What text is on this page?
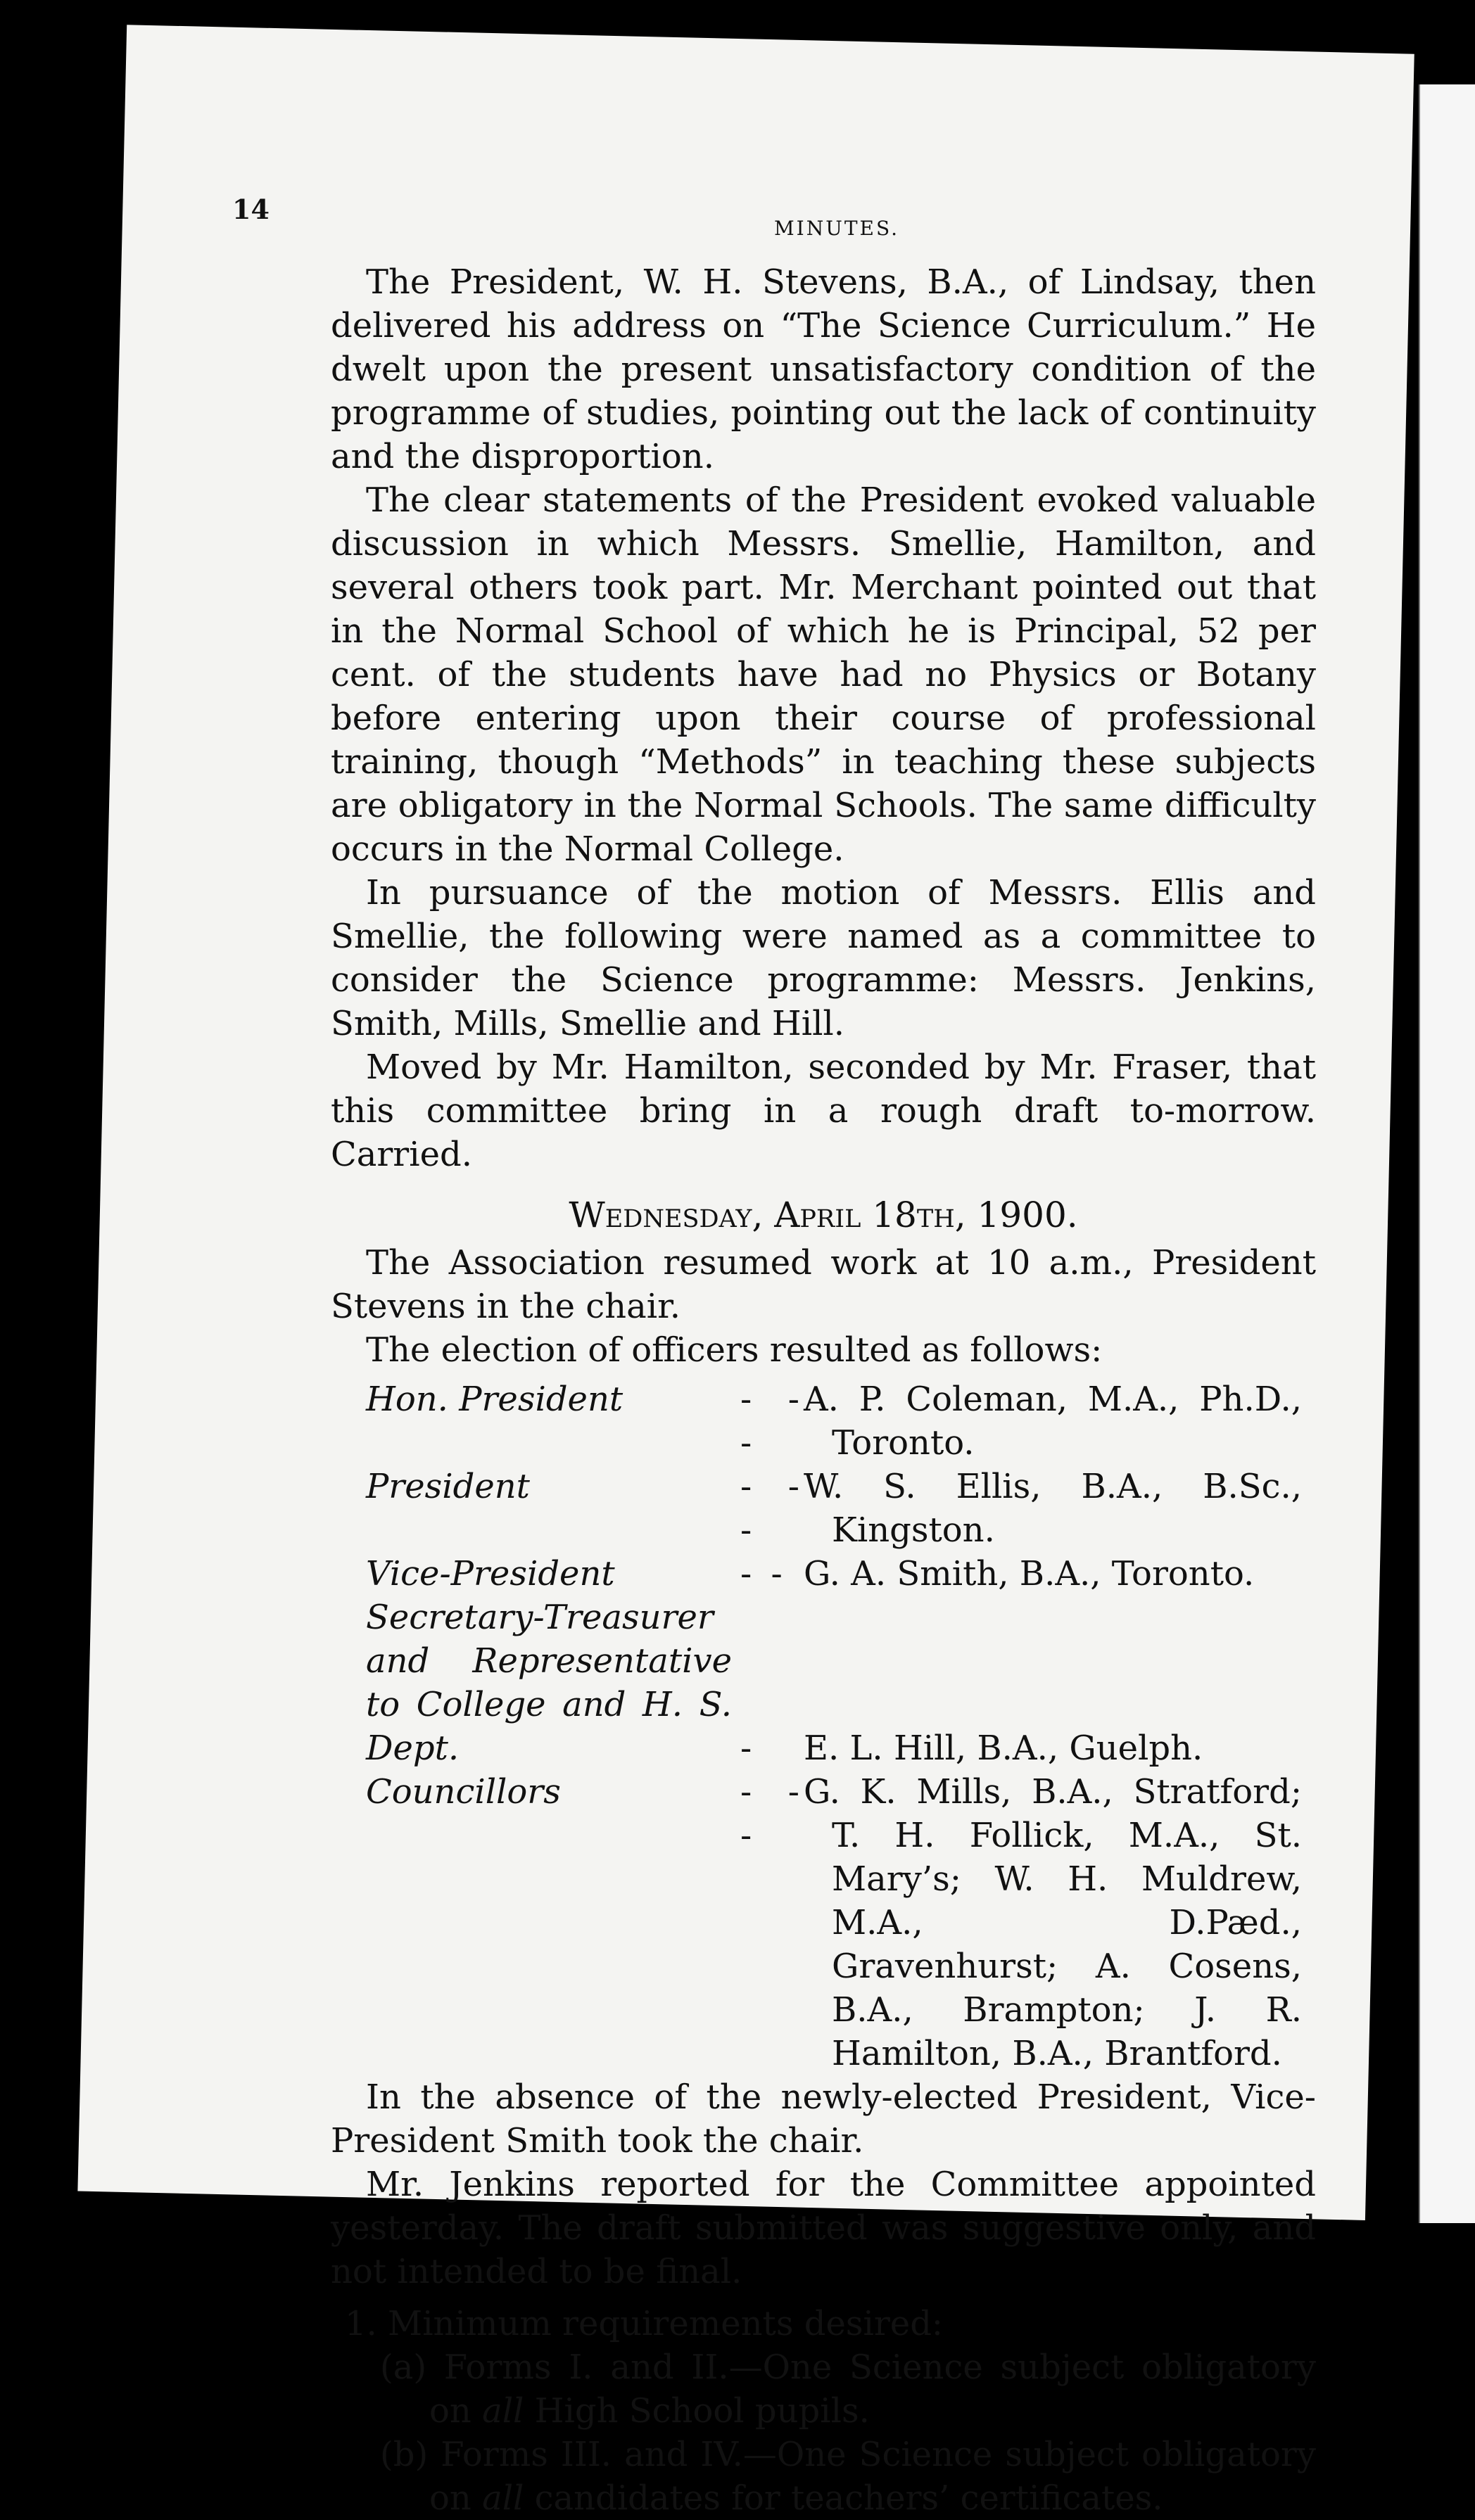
14
MINUTES.

The President, W. H. Stevens, B.A., of Lindsay, then delivered his address on “The Science Curriculum.” He dwelt upon the present unsatisfactory condition of the programme of studies, pointing out the lack of continuity and the disproportion.

The clear statements of the President evoked valuable discussion in which Messrs. Smellie, Hamilton, and several others took part. Mr. Merchant pointed out that in the Normal School of which he is Principal, 52 per cent. of the students have had no Physics or Botany before entering upon their course of professional training, though “Methods” in teaching these subjects are obligatory in the Normal Schools. The same difficulty occurs in the Normal College.

In pursuance of the motion of Messrs. Ellis and Smellie, the following were named as a committee to consider the Science programme: Messrs. Jenkins, Smith, Mills, Smellie and Hill.

Moved by Mr. Hamilton, seconded by Mr. Fraser, that this committee bring in a rough draft to-morrow. Carried.

Wednesday, April 18th, 1900.

The Association resumed work at 10 a.m., President Stevens in the chair.

The election of officers resulted as follows:

Hon. President	- - -	A. P. Coleman, M.A., Ph.D., Toronto.

President	- - -	W. S. Ellis, B.A., B.Sc., Kingston.

Vice-President	- -	G. A. Smith, B.A., Toronto.

Secretary-Treasurer and Representative to College and H. S. Dept.	-	E. L. Hill, B.A., Guelph.

Councillors	- - -	G. K. Mills, B.A., Stratford; T. H. Follick, M.A., St. Mary’s; W. H. Muldrew, M.A., D.Pæd., Gravenhurst; A. Cosens, B.A., Brampton; J. R. Hamilton, B.A., Brantford.

In the absence of the newly-elected President, Vice-President Smith took the chair.

Mr. Jenkins reported for the Committee appointed yesterday. The draft submitted was suggestive only, and not intended to be final.

1. Minimum requirements desired:

(a) Forms I. and II.—One Science subject obligatory on all High School pupils.

(b) Forms III. and IV.—One Science subject obligatory on all candidates for teachers’ certificates.
